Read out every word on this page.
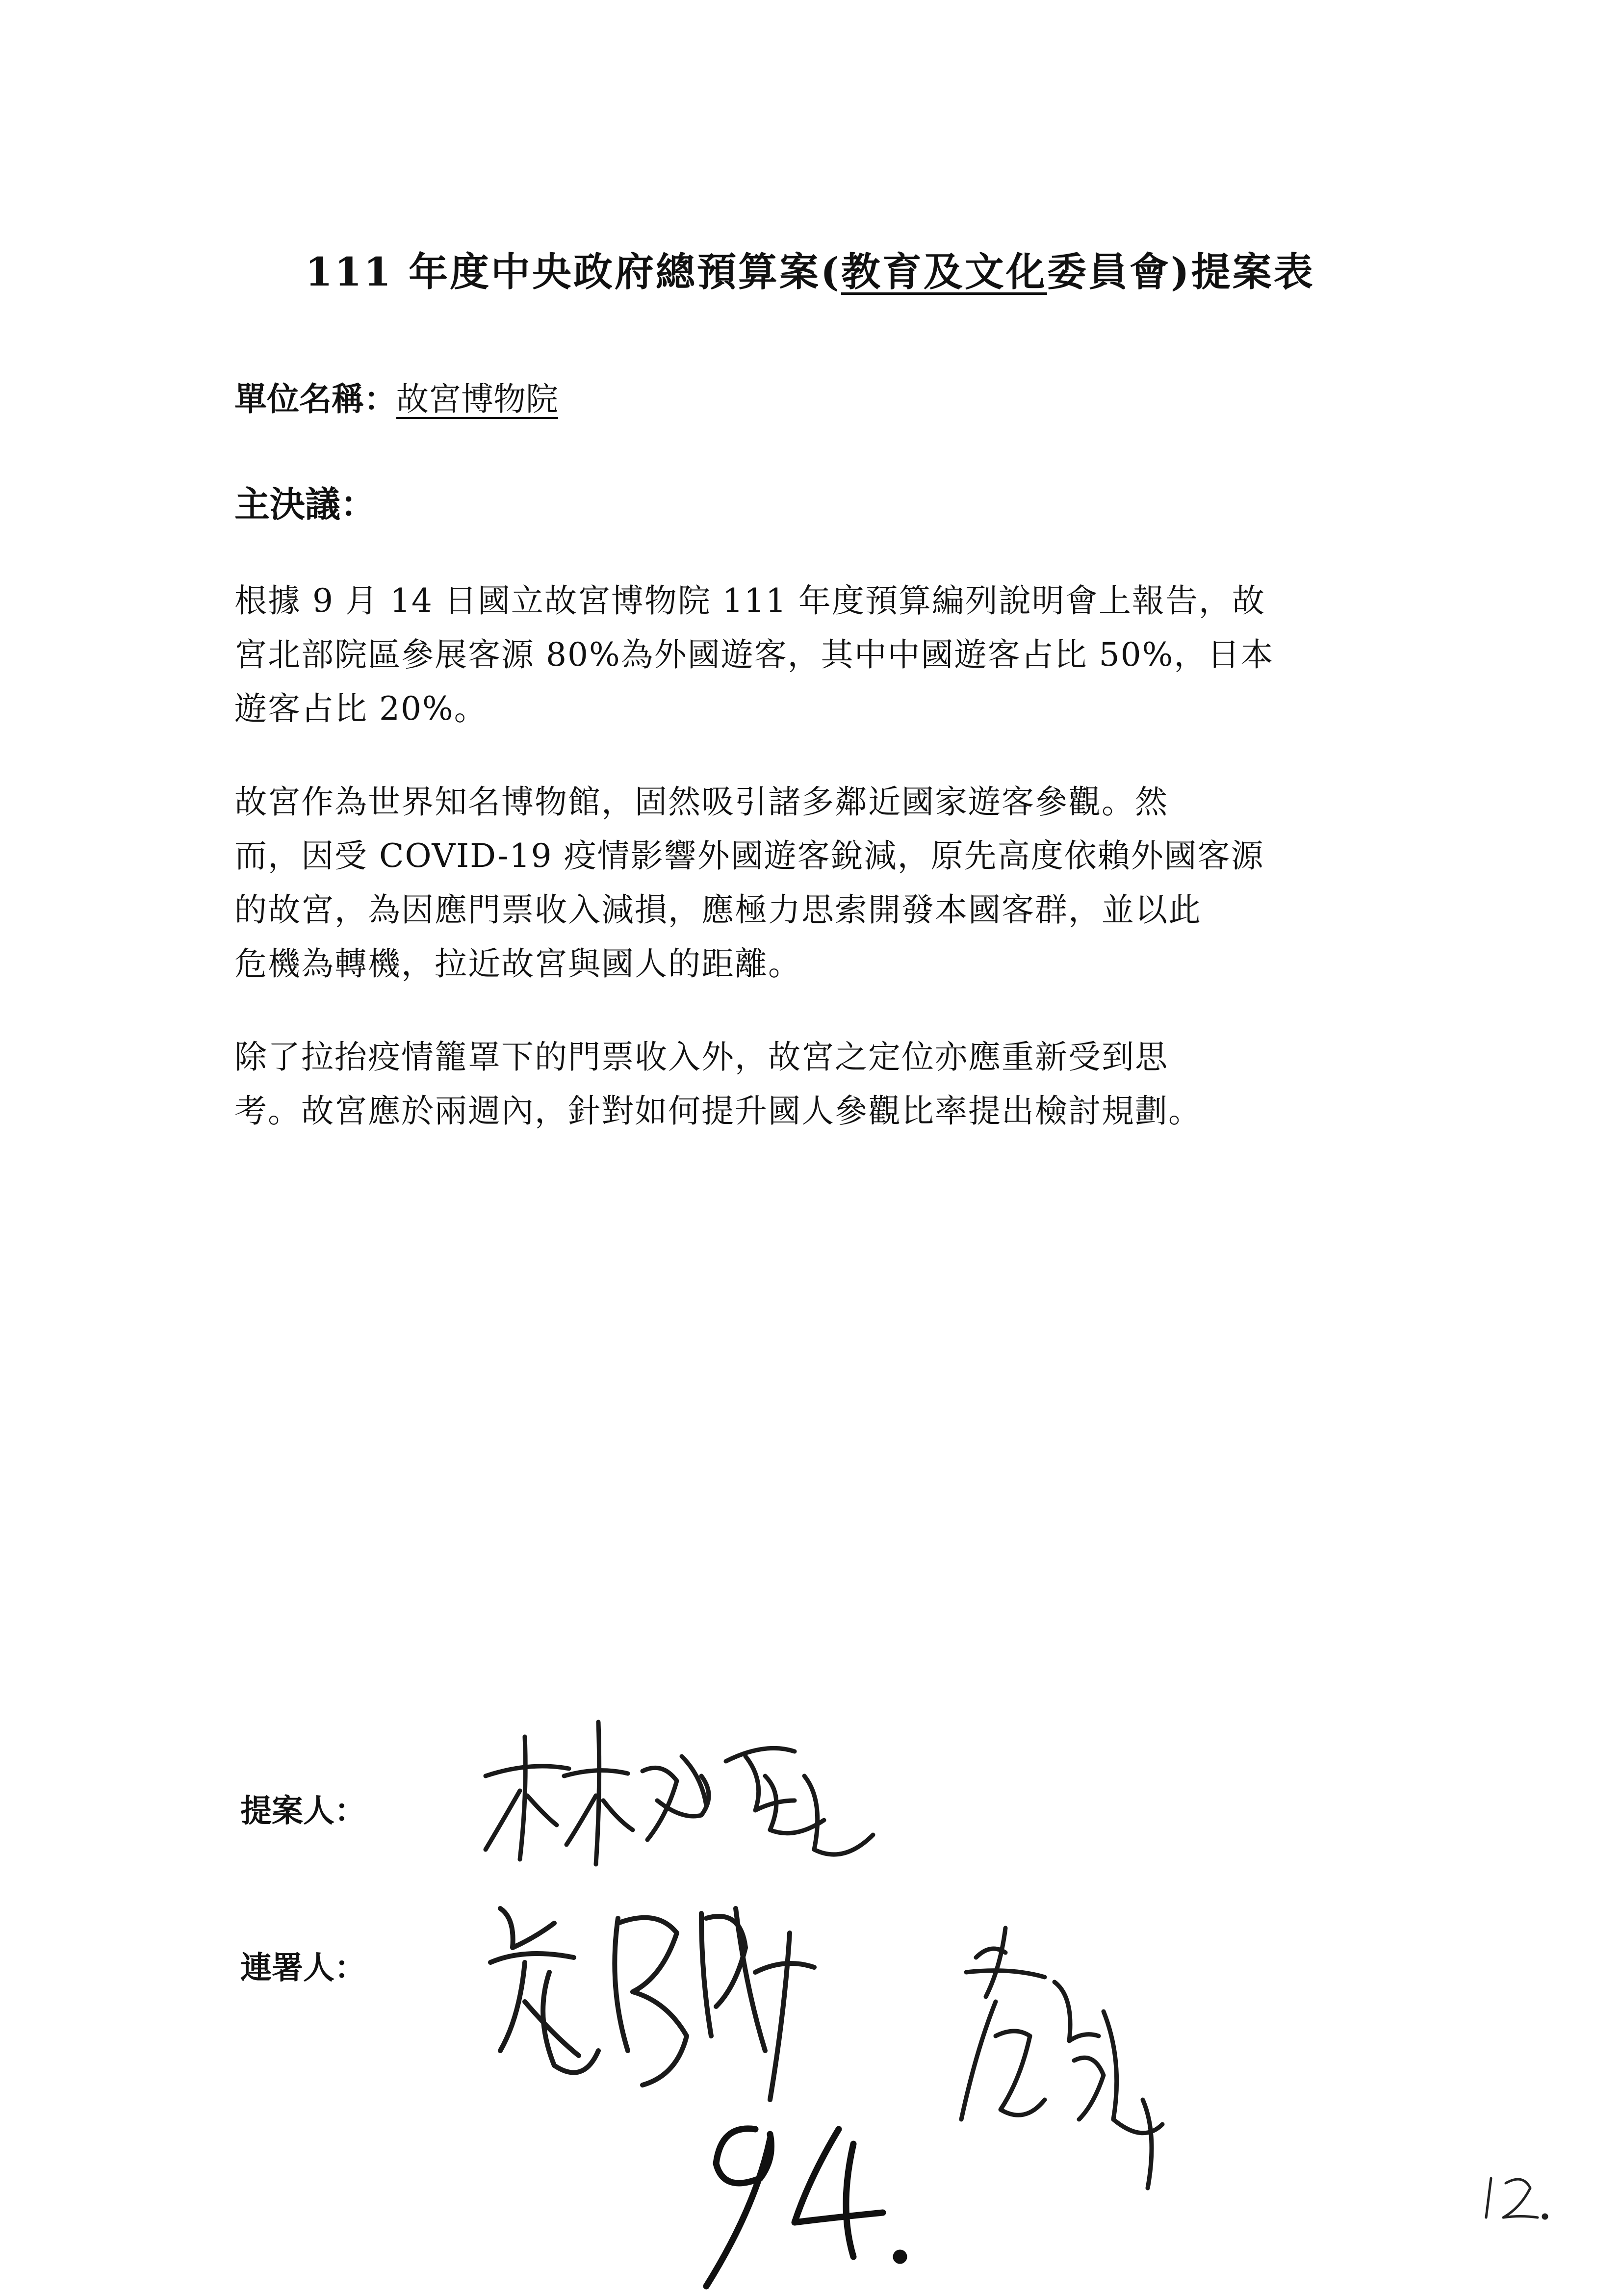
111 年度中央政府總預算案(教育及文化委員會)提案表
單位名稱：故宮博物院
主決議：
根據 9 月 14 日國立故宮博物院 111 年度預算編列說明會上報告，故
宮北部院區參展客源 80%為外國遊客，其中中國遊客占比 50%，日本
遊客占比 20%。
故宮作為世界知名博物館，固然吸引諸多鄰近國家遊客參觀。然
而，因受 COVID-19 疫情影響外國遊客銳減，原先高度依賴外國客源
的故宮，為因應門票收入減損，應極力思索開發本國客群，並以此
危機為轉機，拉近故宮與國人的距離。
除了拉抬疫情籠罩下的門票收入外，故宮之定位亦應重新受到思
考。故宮應於兩週內，針對如何提升國人參觀比率提出檢討規劃。
提案人：
連署人：
